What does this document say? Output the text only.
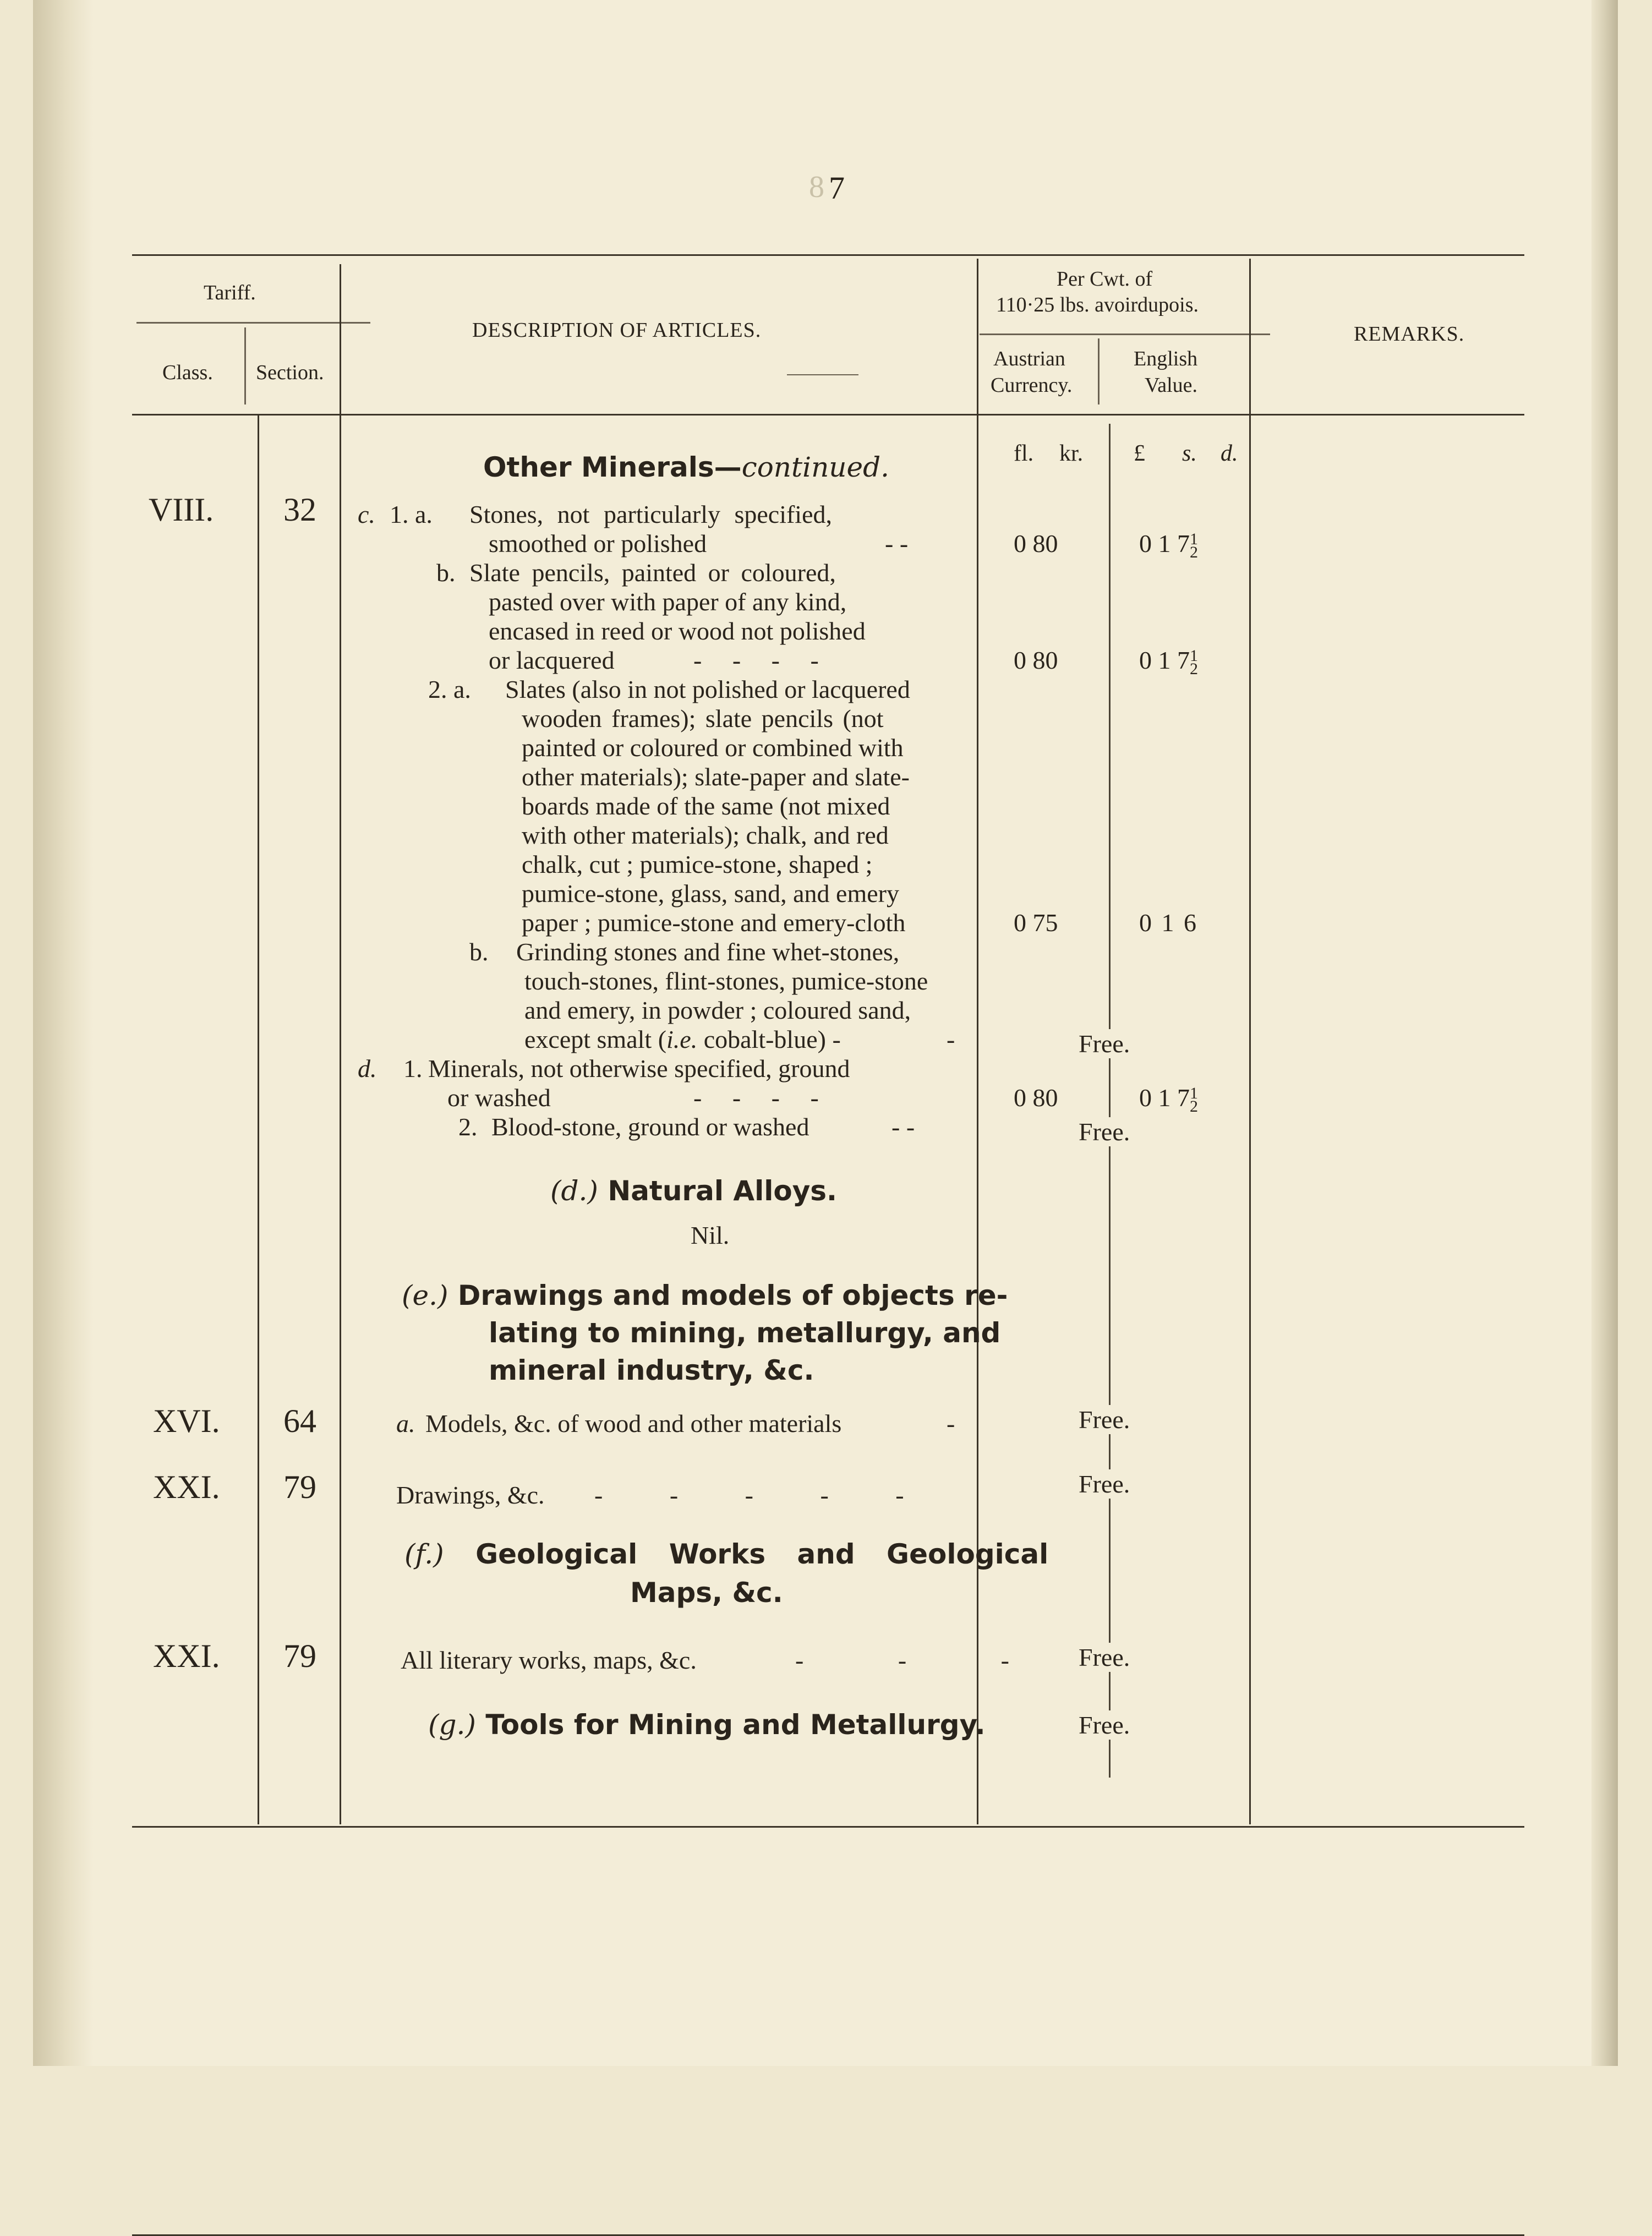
8 7
Tariff.
Class. Section.
DESCRIPTION OF ARTICLES.
Per Cwt. of
110·25 lbs. avoirdupois.
Austrian
Currency.
English
Value.
REMARKS.
fl. kr. £ s. d.
Other Minerals—continued.
VIII. 32 c. 1. a. Stones, not particularly specified,
smoothed or polished	- -	0 80	0 1 71
2
b. Slate pencils, painted or coloured,
pasted over with paper of any kind,
encased in reed or wood not polished
or lacquered	- - - -	0 80	0 1 71
2
2. a. Slates (also in not polished or lacquered
wooden frames); slate pencils (not
painted or coloured or combined with
other materials); slate-paper and slate-
boards made of the same (not mixed
with other materials); chalk, and red
chalk, cut ; pumice-stone, shaped ;
pumice-stone, glass, sand, and emery
paper ; pumice-stone and emery-cloth	0 75	0 1 6
b. Grinding stones and fine whet-stones,
touch-stones, flint-stones, pumice-stone
and emery, in powder ; coloured sand,
except smalt (i.e. cobalt-blue) -	-	Free.
d. 1. Minerals, not otherwise specified, ground
or washed	- - - -	0 80	0 1 71
2
2. Blood-stone, ground or washed	- -	Free.
(d.) Natural Alloys.
Nil.
(e.) Drawings and models of objects re-
lating to mining, metallurgy, and
mineral industry, &c.
XVI. 64	a. Models, &c. of wood and other materials	-	Free.
XXI. 79	Drawings, &c. - - - - -	Free.
(f.) Geological Works and Geological
Maps, &c.
XXI. 79	All literary works, maps, &c.	- - -	Free.
(g.) Tools for Mining and Metallurgy.	Free.
